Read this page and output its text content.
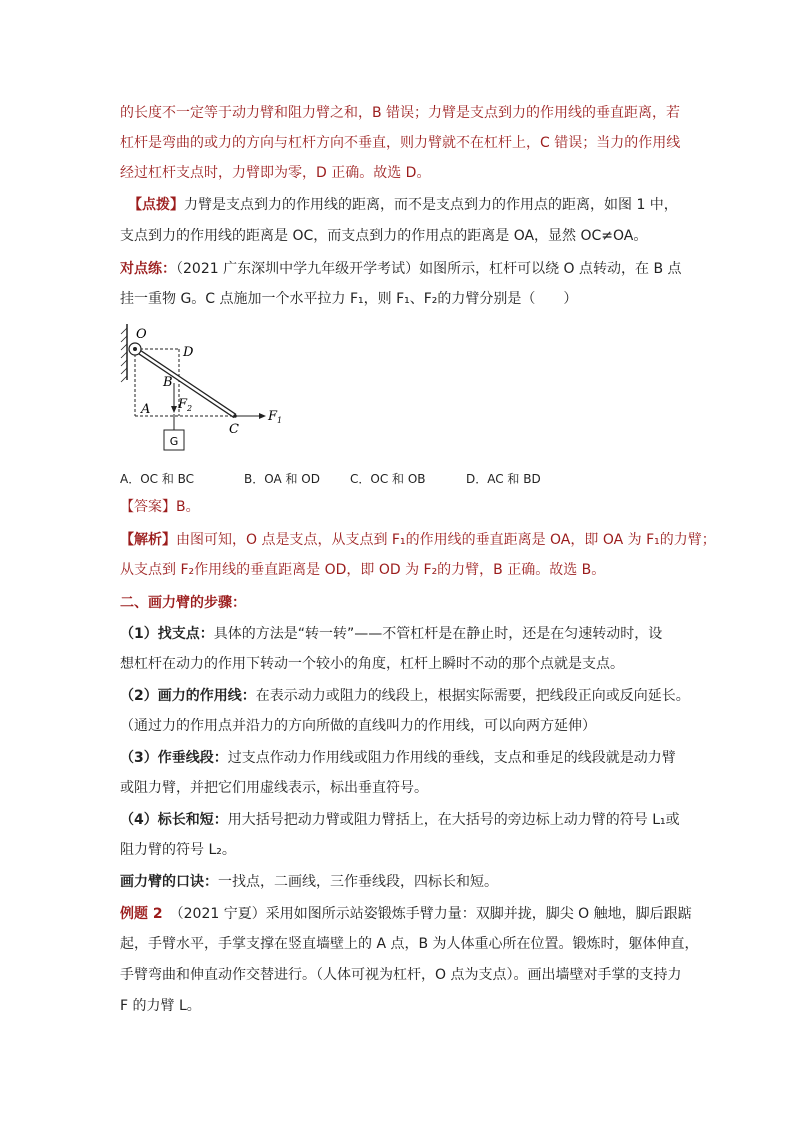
的长度不一定等于动力臂和阻力臂之和，B 错误；力臂是支点到力的作用线的垂直距离，若
杠杆是弯曲的或力的方向与杠杆方向不垂直，则力臂就不在杠杆上，C 错误；当力的作用线
经过杠杆支点时，力臂即为零，D 正确。故选 D。
【点拨】力臂是支点到力的作用线的距离，而不是支点到力的作用点的距离，如图 1 中，
支点到力的作用线的距离是 OC，而支点到力的作用点的距离是 OA，显然 OC≠OA。
对点练：（2021 广东深圳中学九年级开学考试）如图所示，杠杆可以绕 O 点转动，在 B 点
挂一重物 G。C 点施加一个水平拉力 F₁，则 F₁、F₂的力臂分别是（　　）
O
D
B
A
C
$F_2$
$F_1$
G
A．OC 和 BC	B．OA 和 OD	C．OC 和 OB	D．AC 和 BD
【答案】B。
【解析】由图可知，O 点是支点，从支点到 F₁的作用线的垂直距离是 OA，即 OA 为 F₁的力臂；
从支点到 F₂作用线的垂直距离是 OD，即 OD 为 F₂的力臂，B 正确。故选 B。
二、画力臂的步骤：
（1）找支点：具体的方法是“转一转”——不管杠杆是在静止时，还是在匀速转动时，设
想杠杆在动力的作用下转动一个较小的角度，杠杆上瞬时不动的那个点就是支点。
（2）画力的作用线：在表示动力或阻力的线段上，根据实际需要，把线段正向或反向延长。
（通过力的作用点并沿力的方向所做的直线叫力的作用线，可以向两方延伸）
（3）作垂线段：过支点作动力作用线或阻力作用线的垂线，支点和垂足的线段就是动力臂
或阻力臂，并把它们用虚线表示，标出垂直符号。
（4）标长和短：用大括号把动力臂或阻力臂括上，在大括号的旁边标上动力臂的符号 L₁或
阻力臂的符号 L₂。
画力臂的口诀：一找点，二画线，三作垂线段，四标长和短。
例题 2　（2021 宁夏）采用如图所示站姿锻炼手臂力量：双脚并拢，脚尖 O 触地，脚后跟踮
起，手臂水平，手掌支撑在竖直墙壁上的 A 点，B 为人体重心所在位置。锻炼时，躯体伸直，
手臂弯曲和伸直动作交替进行。（人体可视为杠杆，O 点为支点）。画出墙壁对手掌的支持力
F 的力臂 L。
